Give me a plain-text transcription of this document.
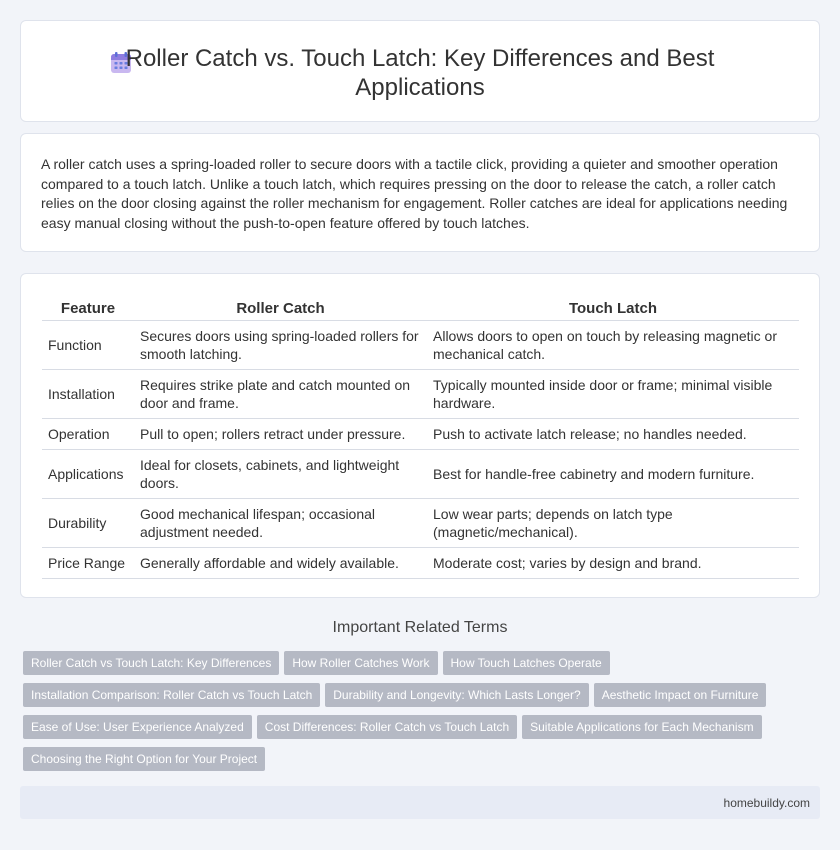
Roller Catch vs. Touch Latch: Key Differences and Best Applications

A roller catch uses a spring-loaded roller to secure doors with a tactile click, providing a quieter and smoother operation compared to a touch latch. Unlike a touch latch, which requires pressing on the door to release the catch, a roller catch relies on the door closing against the roller mechanism for engagement. Roller catches are ideal for applications needing easy manual closing without the push-to-open feature offered by touch latches.

Feature	Roller Catch	Touch Latch
Function	Secures doors using spring-loaded rollers for smooth latching.	Allows doors to open on touch by releasing magnetic or mechanical catch.
Installation	Requires strike plate and catch mounted on door and frame.	Typically mounted inside door or frame; minimal visible hardware.
Operation	Pull to open; rollers retract under pressure.	Push to activate latch release; no handles needed.
Applications	Ideal for closets, cabinets, and lightweight doors.	Best for handle-free cabinetry and modern furniture.
Durability	Good mechanical lifespan; occasional adjustment needed.	Low wear parts; depends on latch type (magnetic/mechanical).
Price Range	Generally affordable and widely available.	Moderate cost; varies by design and brand.
Important Related Terms
Roller Catch vs Touch Latch: Key Differences How Roller Catches Work How Touch Latches Operate
Installation Comparison: Roller Catch vs Touch Latch Durability and Longevity: Which Lasts Longer? Aesthetic Impact on Furniture
Ease of Use: User Experience Analyzed Cost Differences: Roller Catch vs Touch Latch Suitable Applications for Each Mechanism
Choosing the Right Option for Your Project
homebuildy.com
